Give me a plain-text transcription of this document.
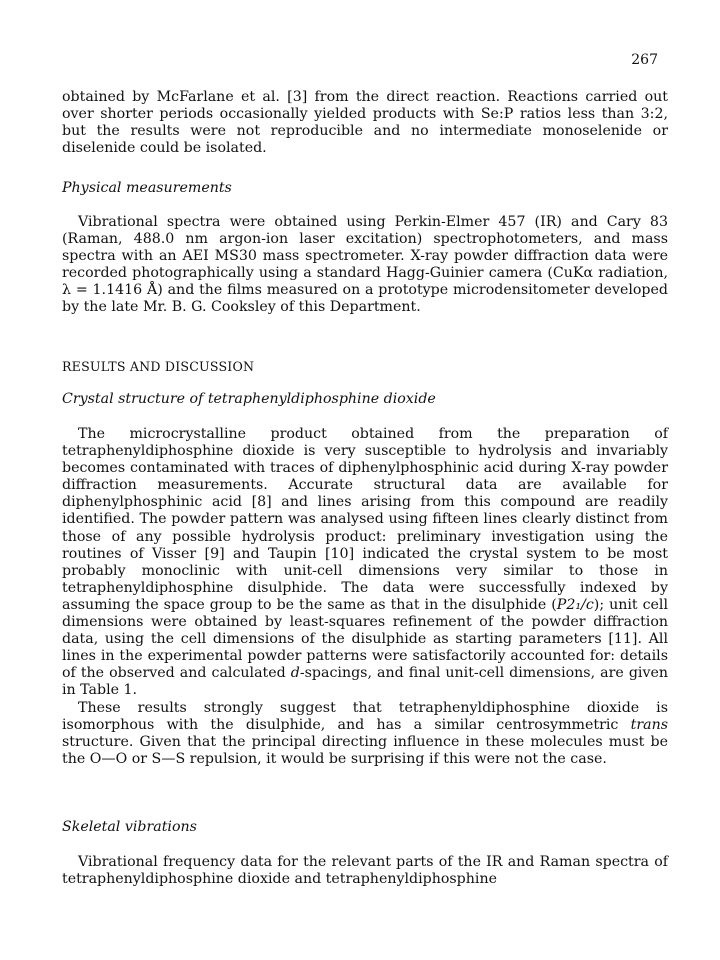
267

obtained by McFarlane et al. [3] from the direct reaction. Reactions carried out over shorter periods occasionally yielded products with Se:P ratios less than 3:2, but the results were not reproducible and no intermediate monoselenide or diselenide could be isolated.

Physical measurements

Vibrational spectra were obtained using Perkin-Elmer 457 (IR) and Cary 83 (Raman, 488.0 nm argon-ion laser excitation) spectrophotometers, and mass spectra with an AEI MS30 mass spectrometer. X-ray powder diffraction data were recorded photographically using a standard Hagg-Guinier camera (CuKα radiation, λ = 1.1416 Å) and the films measured on a prototype microdensitometer developed by the late Mr. B. G. Cooksley of this Department.

RESULTS AND DISCUSSION

Crystal structure of tetraphenyldiphosphine dioxide

The microcrystalline product obtained from the preparation of tetraphenyldiphosphine dioxide is very susceptible to hydrolysis and invariably becomes contaminated with traces of diphenylphosphinic acid during X-ray powder diffraction measurements. Accurate structural data are available for diphenylphosphinic acid [8] and lines arising from this compound are readily identified. The powder pattern was analysed using fifteen lines clearly distinct from those of any possible hydrolysis product: preliminary investigation using the routines of Visser [9] and Taupin [10] indicated the crystal system to be most probably monoclinic with unit-cell dimensions very similar to those in tetraphenyldiphosphine disulphide. The data were successfully indexed by assuming the space group to be the same as that in the disulphide (P2₁/c); unit cell dimensions were obtained by least-squares refinement of the powder diffraction data, using the cell dimensions of the disulphide as starting parameters [11]. All lines in the experimental powder patterns were satisfactorily accounted for: details of the observed and calculated d-spacings, and final unit-cell dimensions, are given in Table 1.

These results strongly suggest that tetraphenyldiphosphine dioxide is isomorphous with the disulphide, and has a similar centrosymmetric trans structure. Given that the principal directing influence in these molecules must be the O—O or S—S repulsion, it would be surprising if this were not the case.

Skeletal vibrations

Vibrational frequency data for the relevant parts of the IR and Raman spectra of tetraphenyldiphosphine dioxide and tetraphenyldiphosphine
